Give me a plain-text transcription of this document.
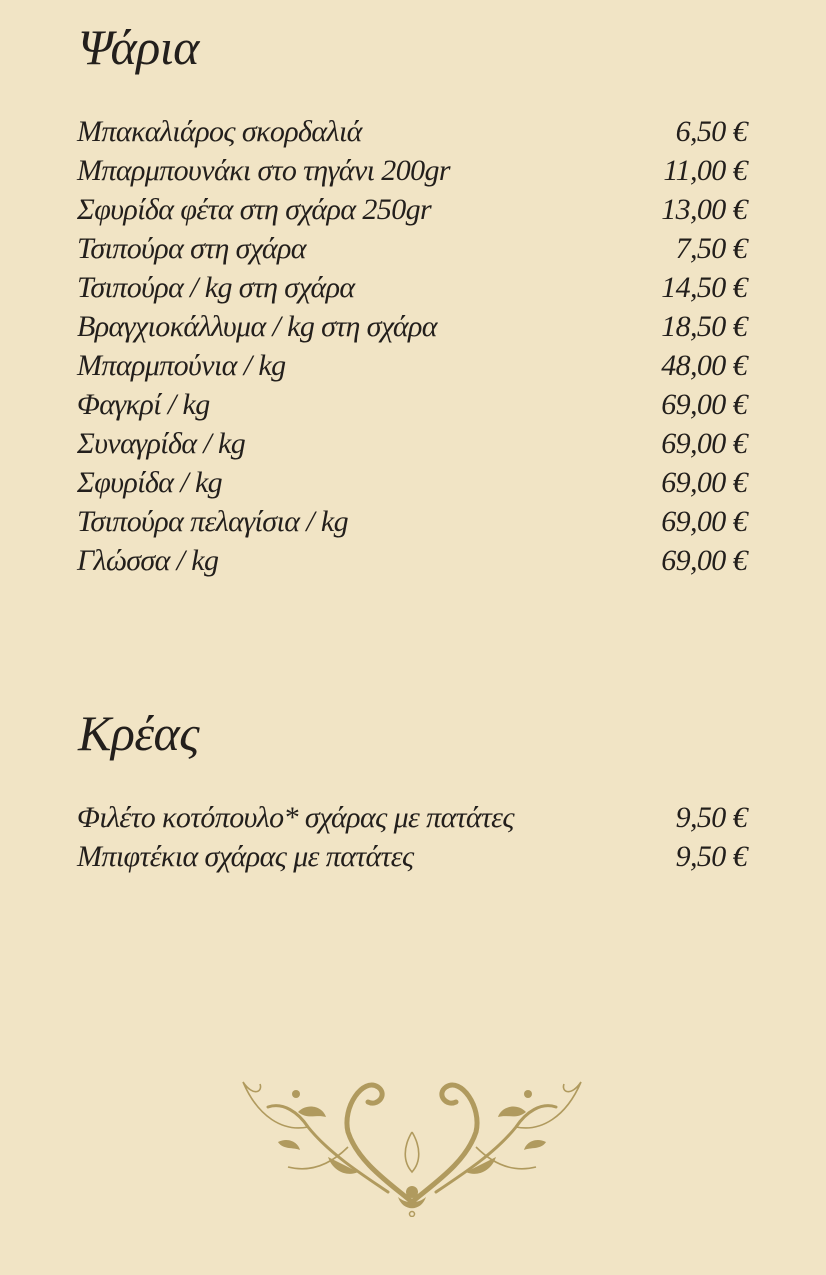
Ψάρια
Μπακαλιάρος σκορδαλιά	6,50 €
Μπαρμπουνάκι στο τηγάνι 200gr	11,00 €
Σφυρίδα φέτα στη σχάρα 250gr	13,00 €
Τσιπούρα στη σχάρα	7,50 €
Τσιπούρα / kg στη σχάρα	14,50 €
Βραγχιοκάλλυμα / kg στη σχάρα	18,50 €
Μπαρμπούνια / kg	48,00 €
Φαγκρί / kg	69,00 €
Συναγρίδα / kg	69,00 €
Σφυρίδα / kg	69,00 €
Τσιπούρα πελαγίσια / kg	69,00 €
Γλώσσα / kg	69,00 €
Κρέας
Φιλέτο κοτόπουλο* σχάρας με πατάτες	9,50 €
Μπιφτέκια σχάρας με πατάτες	9,50 €
